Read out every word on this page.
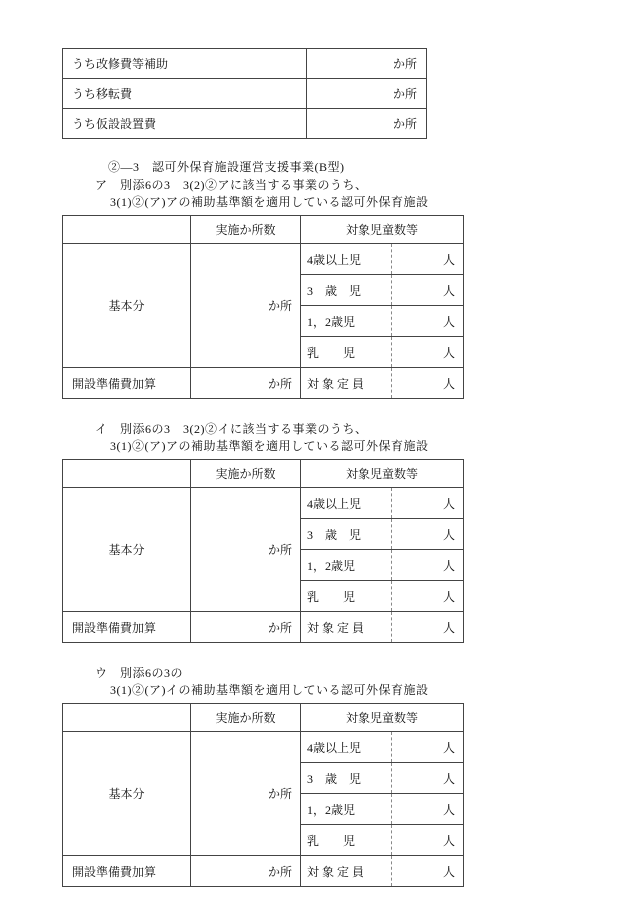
うち改修費等補助	か所
うち移転費	か所
うち仮設設置費	か所
②—3　認可外保育施設運営支援事業(B型)
ア　別添6の3　3(2)②アに該当する事業のうち、
3(1)②(ア)アの補助基準額を適用している認可外保育施設
	実施か所数	対象児童数等	
基本分	か所	4歳以上児	人
		3　歳　児	人
		1，2歳児	人
		乳　　児	人
開設準備費加算	か所	対 象 定 員	人
イ　別添6の3　3(2)②イに該当する事業のうち、
3(1)②(ア)アの補助基準額を適用している認可外保育施設
	実施か所数	対象児童数等	
基本分	か所	4歳以上児	人
		3　歳　児	人
		1，2歳児	人
		乳　　児	人
開設準備費加算	か所	対 象 定 員	人
ウ　別添6の3の
3(1)②(ア)イの補助基準額を適用している認可外保育施設
	実施か所数	対象児童数等	
基本分	か所	4歳以上児	人
		3　歳　児	人
		1，2歳児	人
		乳　　児	人
開設準備費加算	か所	対 象 定 員	人
